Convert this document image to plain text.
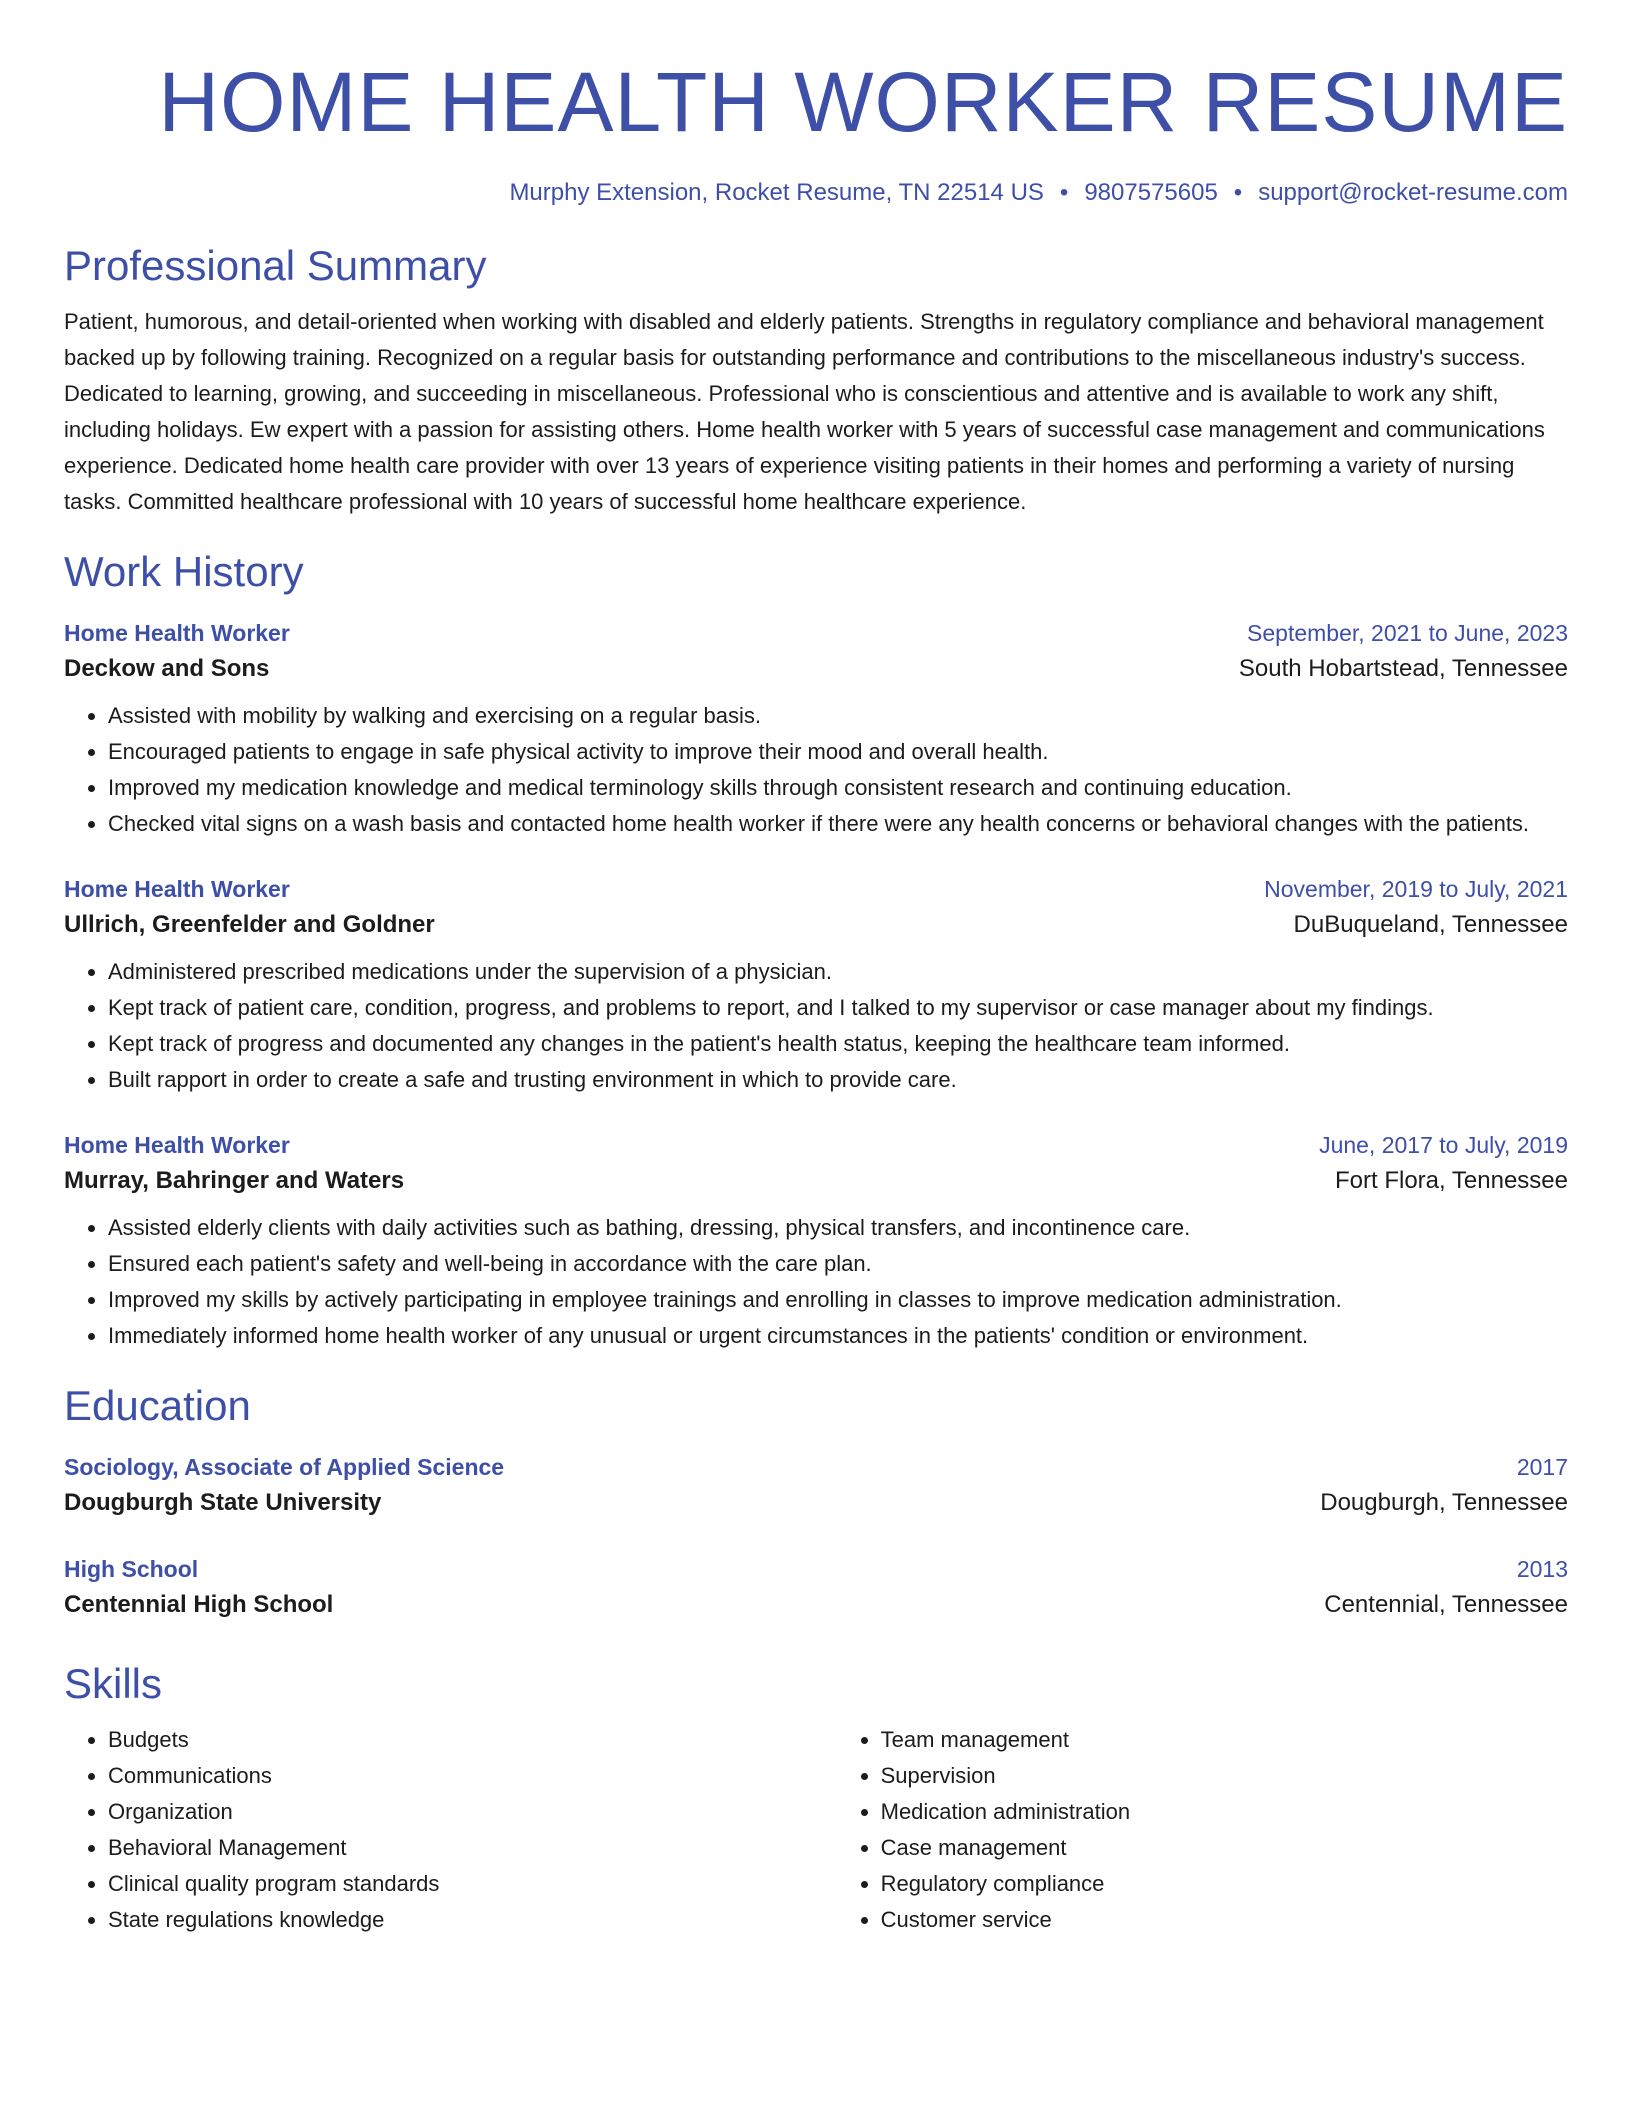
HOME HEALTH WORKER RESUME
Murphy Extension, Rocket Resume, TN 22514 US • 9807575605 • support@rocket-resume.com
Professional Summary

Patient, humorous, and detail-oriented when working with disabled and elderly patients. Strengths in regulatory compliance and behavioral management backed up by following training. Recognized on a regular basis for outstanding performance and contributions to the miscellaneous industry's success. Dedicated to learning, growing, and succeeding in miscellaneous. Professional who is conscientious and attentive and is available to work any shift, including holidays. Ew expert with a passion for assisting others. Home health worker with 5 years of successful case management and communications experience. Dedicated home health care provider with over 13 years of experience visiting patients in their homes and performing a variety of nursing tasks. Committed healthcare professional with 10 years of successful home healthcare experience.

Work History
Home Health Worker	September, 2021 to June, 2023
Deckow and Sons	South Hobartstead, Tennessee
• Assisted with mobility by walking and exercising on a regular basis.
• Encouraged patients to engage in safe physical activity to improve their mood and overall health.
• Improved my medication knowledge and medical terminology skills through consistent research and continuing education.
• Checked vital signs on a wash basis and contacted home health worker if there were any health concerns or behavioral changes with the patients.
Home Health Worker	November, 2019 to July, 2021
Ullrich, Greenfelder and Goldner	DuBuqueland, Tennessee
• Administered prescribed medications under the supervision of a physician.
• Kept track of patient care, condition, progress, and problems to report, and I talked to my supervisor or case manager about my findings.
• Kept track of progress and documented any changes in the patient's health status, keeping the healthcare team informed.
• Built rapport in order to create a safe and trusting environment in which to provide care.
Home Health Worker	June, 2017 to July, 2019
Murray, Bahringer and Waters	Fort Flora, Tennessee
• Assisted elderly clients with daily activities such as bathing, dressing, physical transfers, and incontinence care.
• Ensured each patient's safety and well-being in accordance with the care plan.
• Improved my skills by actively participating in employee trainings and enrolling in classes to improve medication administration.
• Immediately informed home health worker of any unusual or urgent circumstances in the patients' condition or environment.
Education
Sociology, Associate of Applied Science	2017
Dougburgh State University	Dougburgh, Tennessee
High School	2013
Centennial High School	Centennial, Tennessee
Skills
• Budgets
• Communications
• Organization
• Behavioral Management
• Clinical quality program standards
• State regulations knowledge
• Team management
• Supervision
• Medication administration
• Case management
• Regulatory compliance
• Customer service
